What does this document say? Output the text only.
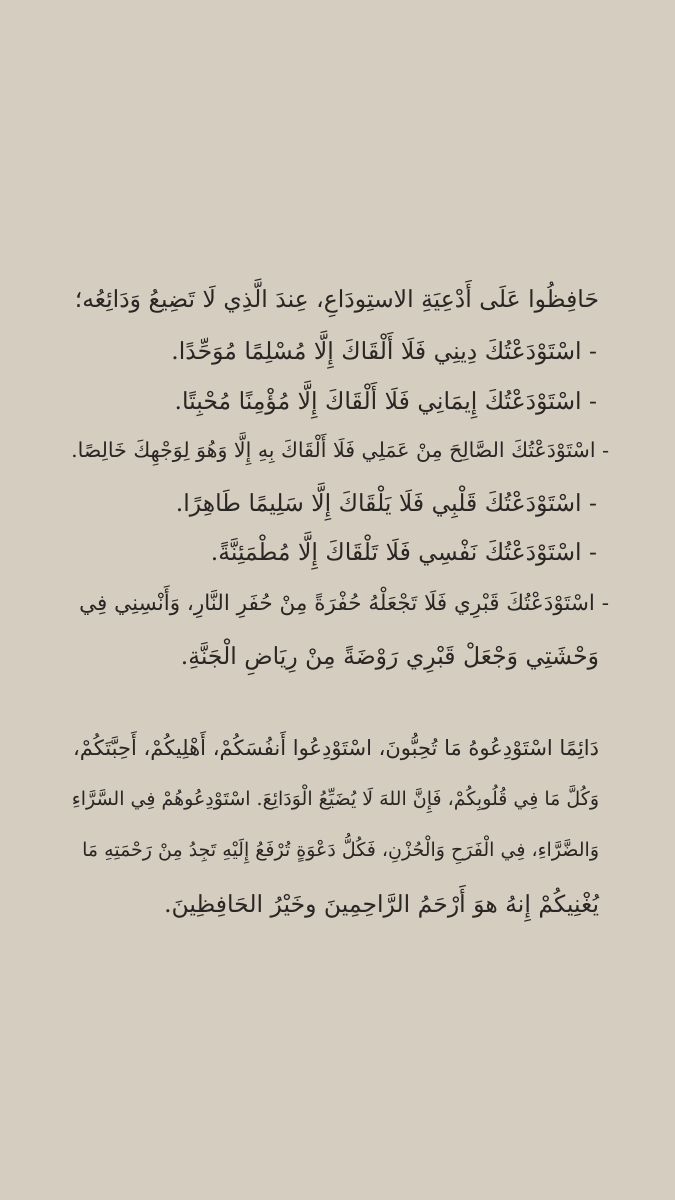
حَافِظُوا عَلَى أَدْعِيَةِ الاستِودَاعِ، عِندَ الَّذِي لَا تَضِيعُ وَدَائِعُه؛
- اسْتَوْدَعْتُكَ دِينِي فَلَا أَلْقَاكَ إِلَّا مُسْلِمًا مُوَحِّدًا.
- اسْتَوْدَعْتُكَ إِيمَانِي فَلَا أَلْقَاكَ إِلَّا مُؤْمِنًا مُحْبِتًا.
- اسْتَوْدَعْتُكَ الصَّالِحَ مِنْ عَمَلِي فَلَا أَلْقَاكَ بِهِ إِلَّا وَهُوَ لِوَجْهِكَ خَالِصًا.
- اسْتَوْدَعْتُكَ قَلْبِي فَلَا يَلْقَاكَ إِلَّا سَلِيمًا طَاهِرًا.
- اسْتَوْدَعْتُكَ نَفْسِي فَلَا تَلْقَاكَ إِلَّا مُطْمَئِنَّةً.
- اسْتَوْدَعْتُكَ قَبْرِي فَلَا تَجْعَلْهُ حُفْرَةً مِنْ حُفَرِ النَّارِ، وَأَنْسِنِي فِي
وَحْشَتِي وَجْعَلْ قَبْرِي رَوْضَةً مِنْ رِيَاضِ الْجَنَّةِ.
دَائِمًا اسْتَوْدِعُوهُ مَا تُحِبُّونَ، اسْتَوْدِعُوا أَنفُسَكُمْ، أَهْلِيكُمْ، أَحِبَّتَكُمْ،
وَكُلَّ مَا فِي قُلُوبِكُمْ، فَإِنَّ اللهَ لَا يُضَيِّعُ الْوَدَائِعَ. اسْتَوْدِعُوهُمْ فِي السَّرَّاءِ
وَالضَّرَّاءِ، فِي الْفَرَحِ وَالْحُزْنِ، فَكُلُّ دَعْوَةٍ تُرْفَعُ إِلَيْهِ تَجِدُ مِنْ رَحْمَتِهِ مَا
يُغْنِيكُمْ إِنهُ هوَ أَرْحَمُ الرَّاحِمِينَ وخَيْرُ الحَافِظِينَ.
